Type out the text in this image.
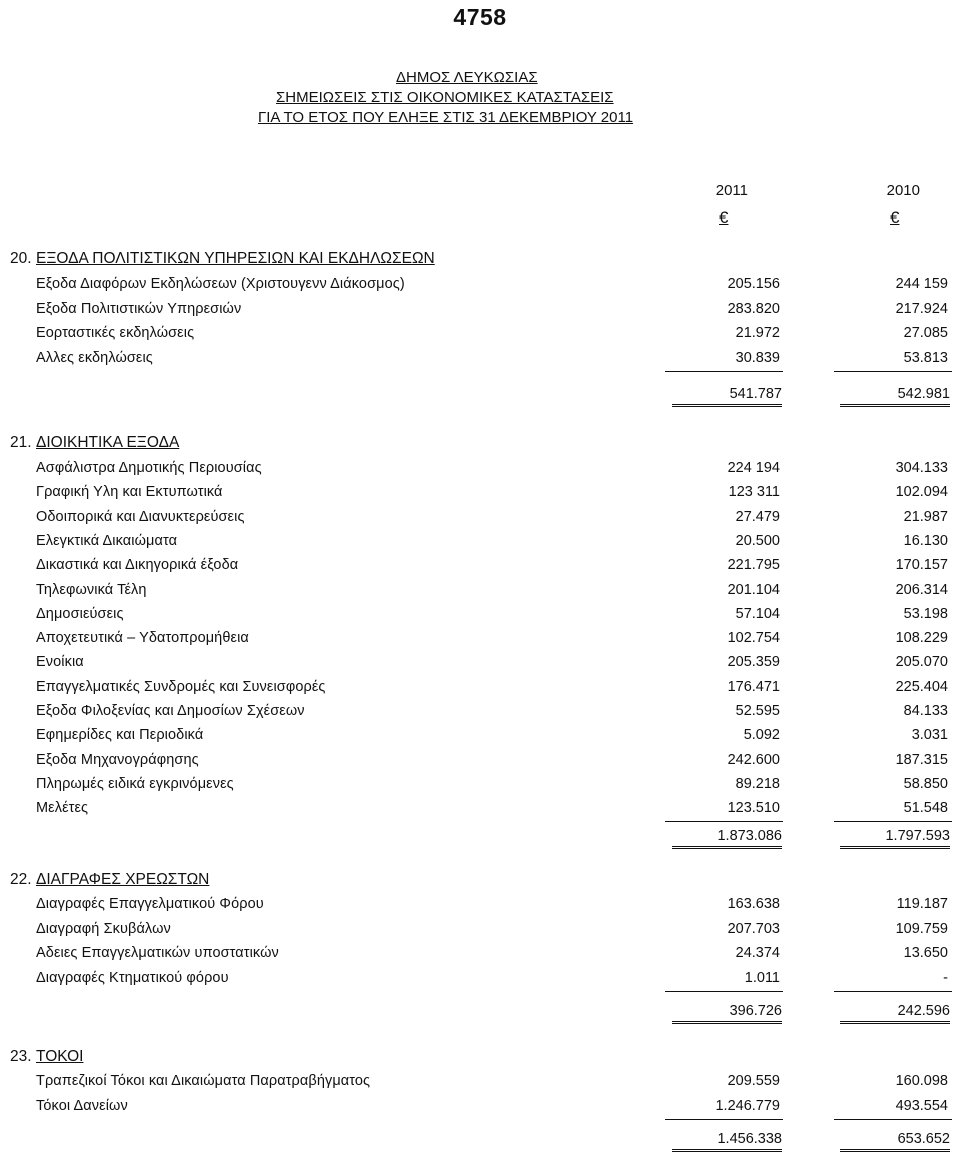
4758
ΔΗΜΟΣ ΛΕΥΚΩΣΙΑΣ
ΣΗΜΕΙΩΣΕΙΣ ΣΤΙΣ ΟΙΚΟΝΟΜΙΚΕΣ ΚΑΤΑΣΤΑΣΕΙΣ
ΓΙΑ ΤΟ ΕΤΟΣ ΠΟΥ ΕΛΗΞΕ ΣΤΙΣ 31 ΔΕΚΕΜΒΡΙΟΥ 2011
2011	2010
€	€
20. ΕΞΟΔΑ ΠΟΛΙΤΙΣΤΙΚΩΝ ΥΠΗΡΕΣΙΩΝ ΚΑΙ ΕΚΔΗΛΩΣΕΩΝ
Εξοδα Διαφόρων Εκδηλώσεων (Χριστουγενν Διάκοσμος)	205.156	244 159
Εξοδα Πολιτιστικών Υπηρεσιών	283.820	217.924
Εορταστικές εκδηλώσεις	21.972	27.085
Αλλες εκδηλώσεις	30.839	53.813
541.787	542.981
21. ΔΙΟΙΚΗΤΙΚΑ ΕΞΟΔΑ
Ασφάλιστρα Δημοτικής Περιουσίας	224 194	304.133
Γραφική Υλη και Εκτυπωτικά	123 311	102.094
Οδοιπορικά και Διανυκτερεύσεις	27.479	21.987
Ελεγκτικά Δικαιώματα	20.500	16.130
Δικαστικά και Δικηγορικά έξοδα	221.795	170.157
Τηλεφωνικά Τέλη	201.104	206.314
Δημοσιεύσεις	57.104	53.198
Αποχετευτικά – Υδατοπρομήθεια	102.754	108.229
Ενοίκια	205.359	205.070
Επαγγελματικές Συνδρομές και Συνεισφορές	176.471	225.404
Εξοδα Φιλοξενίας και Δημοσίων Σχέσεων	52.595	84.133
Εφημερίδες και Περιοδικά	5.092	3.031
Εξοδα Μηχανογράφησης	242.600	187.315
Πληρωμές ειδικά εγκρινόμενες	89.218	58.850
Μελέτες	123.510	51.548
1.873.086	1.797.593
22. ΔΙΑΓΡΑΦΕΣ ΧΡΕΩΣΤΩΝ
Διαγραφές Επαγγελματικού Φόρου	163.638	119.187
Διαγραφή Σκυβάλων	207.703	109.759
Αδειες Επαγγελματικών υποστατικών	24.374	13.650
Διαγραφές Κτηματικού φόρου	1.011	-
396.726	242.596
23. ΤΟΚΟΙ
Τραπεζικοί Τόκοι και Δικαιώματα Παρατραβήγματος	209.559	160.098
Τόκοι Δανείων	1.246.779	493.554
1.456.338	653.652
